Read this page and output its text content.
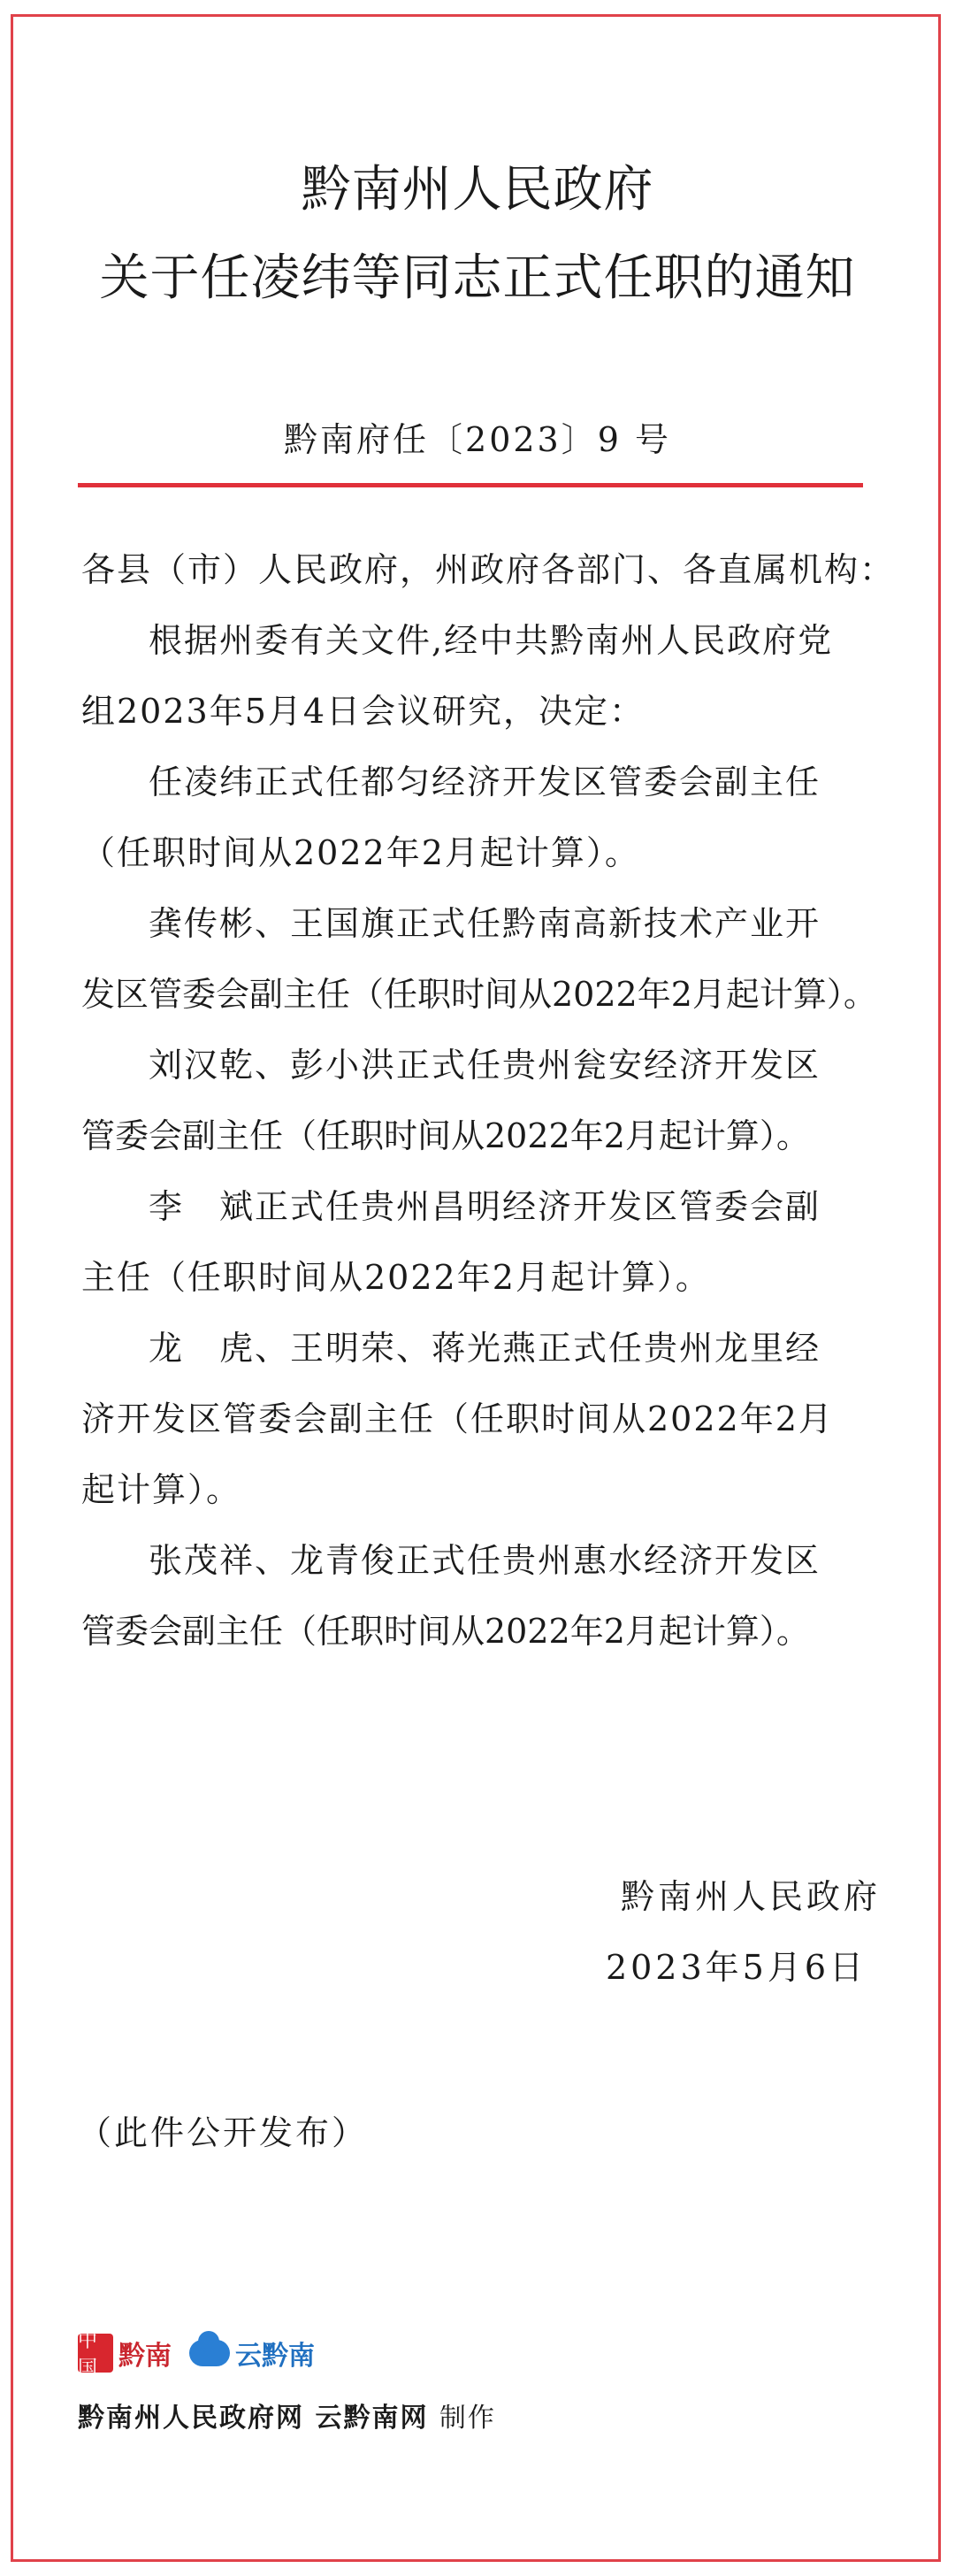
黔南州人民政府
关于任凌纬等同志正式任职的通知
黔南府任〔2023〕9 号
各县（市）人民政府，州政府各部门、各直属机构：
根据州委有关文件,经中共黔南州人民政府党
组2023年5月4日会议研究，决定：
任凌纬正式任都匀经济开发区管委会副主任
（任职时间从2022年2月起计算）。
龚传彬、王国旗正式任黔南高新技术产业开
发区管委会副主任（任职时间从2022年2月起计算）。
刘汉乾、彭小洪正式任贵州瓮安经济开发区
管委会副主任（任职时间从2022年2月起计算）。
李　斌正式任贵州昌明经济开发区管委会副
主任（任职时间从2022年2月起计算）。
龙　虎、王明荣、蒋光燕正式任贵州龙里经
济开发区管委会副主任（任职时间从2022年2月
起计算）。
张茂祥、龙青俊正式任贵州惠水经济开发区
管委会副主任（任职时间从2022年2月起计算）。
黔南州人民政府
2023年5月6日
（此件公开发布）
中国 黔南 云黔南
黔南州人民政府网 云黔南网 制作
